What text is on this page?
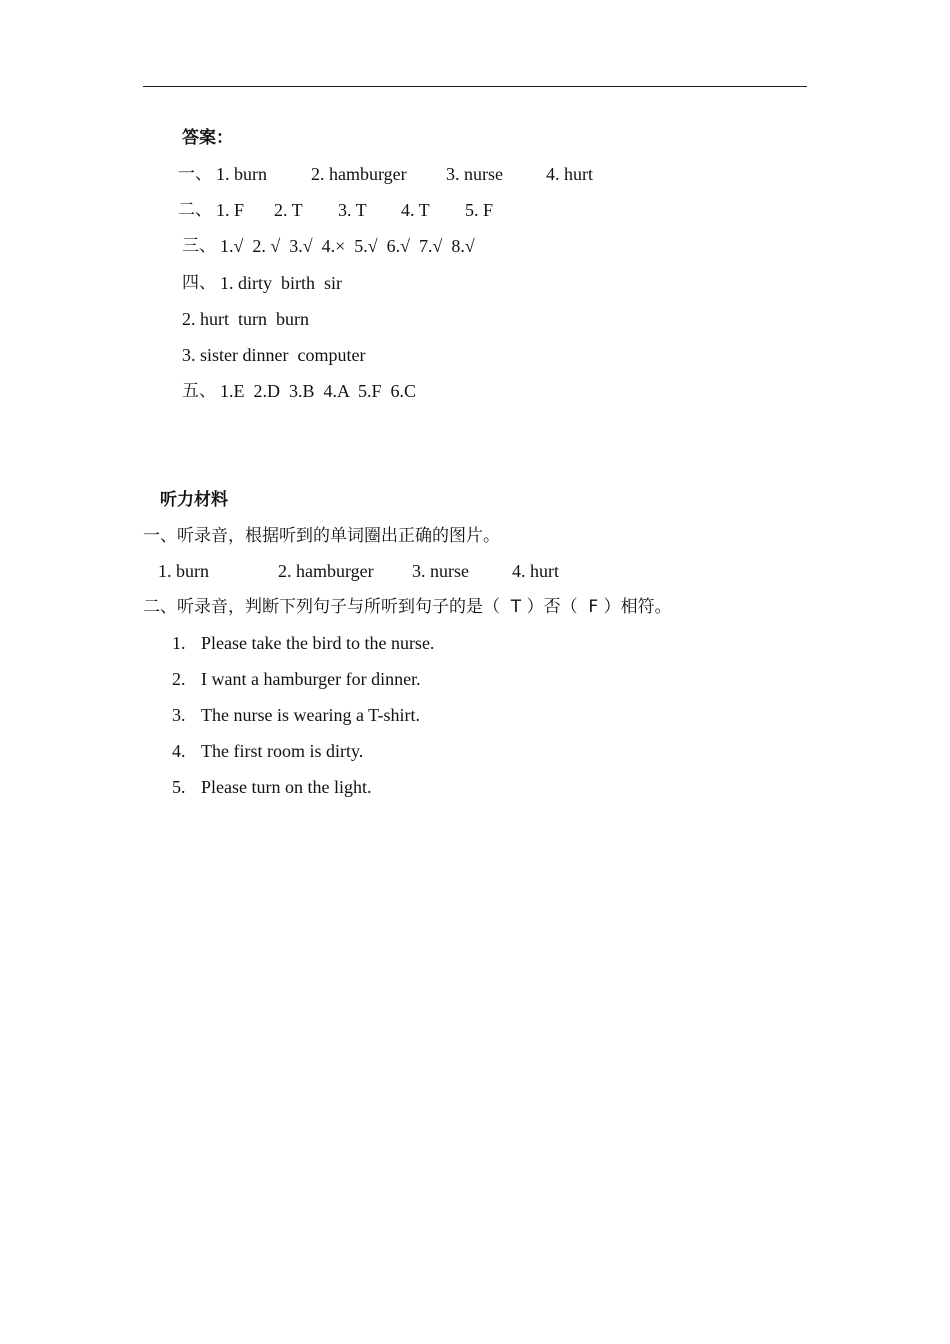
答案：

一、

1. burn

2. hamburger

3. nurse

4. hurt

二、

1. F

2. T

3. T

4. T

5. F

三、

1.√  2. √  3.√  4.×  5.√  6.√  7.√  8.√

四、

1. dirty  birth  sir

2. hurt  turn  burn
3. sister dinner  computer

五、

1.E  2.D  3.B  4.A  5.F  6.C

听力材料
一、听录音，根据听到的单词圈出正确的图片。

1. burn

	2. hamburger

3. nurse

4. hurt

二、听录音，判断下列句子与所听到句子的是（  T ）否（  F ）相符。

1.

Please take the bird to the nurse.

2.

I want a hamburger for dinner.

3.

The nurse is wearing a T-shirt.

4.

The first room is dirty.

5.

Please turn on the light.
